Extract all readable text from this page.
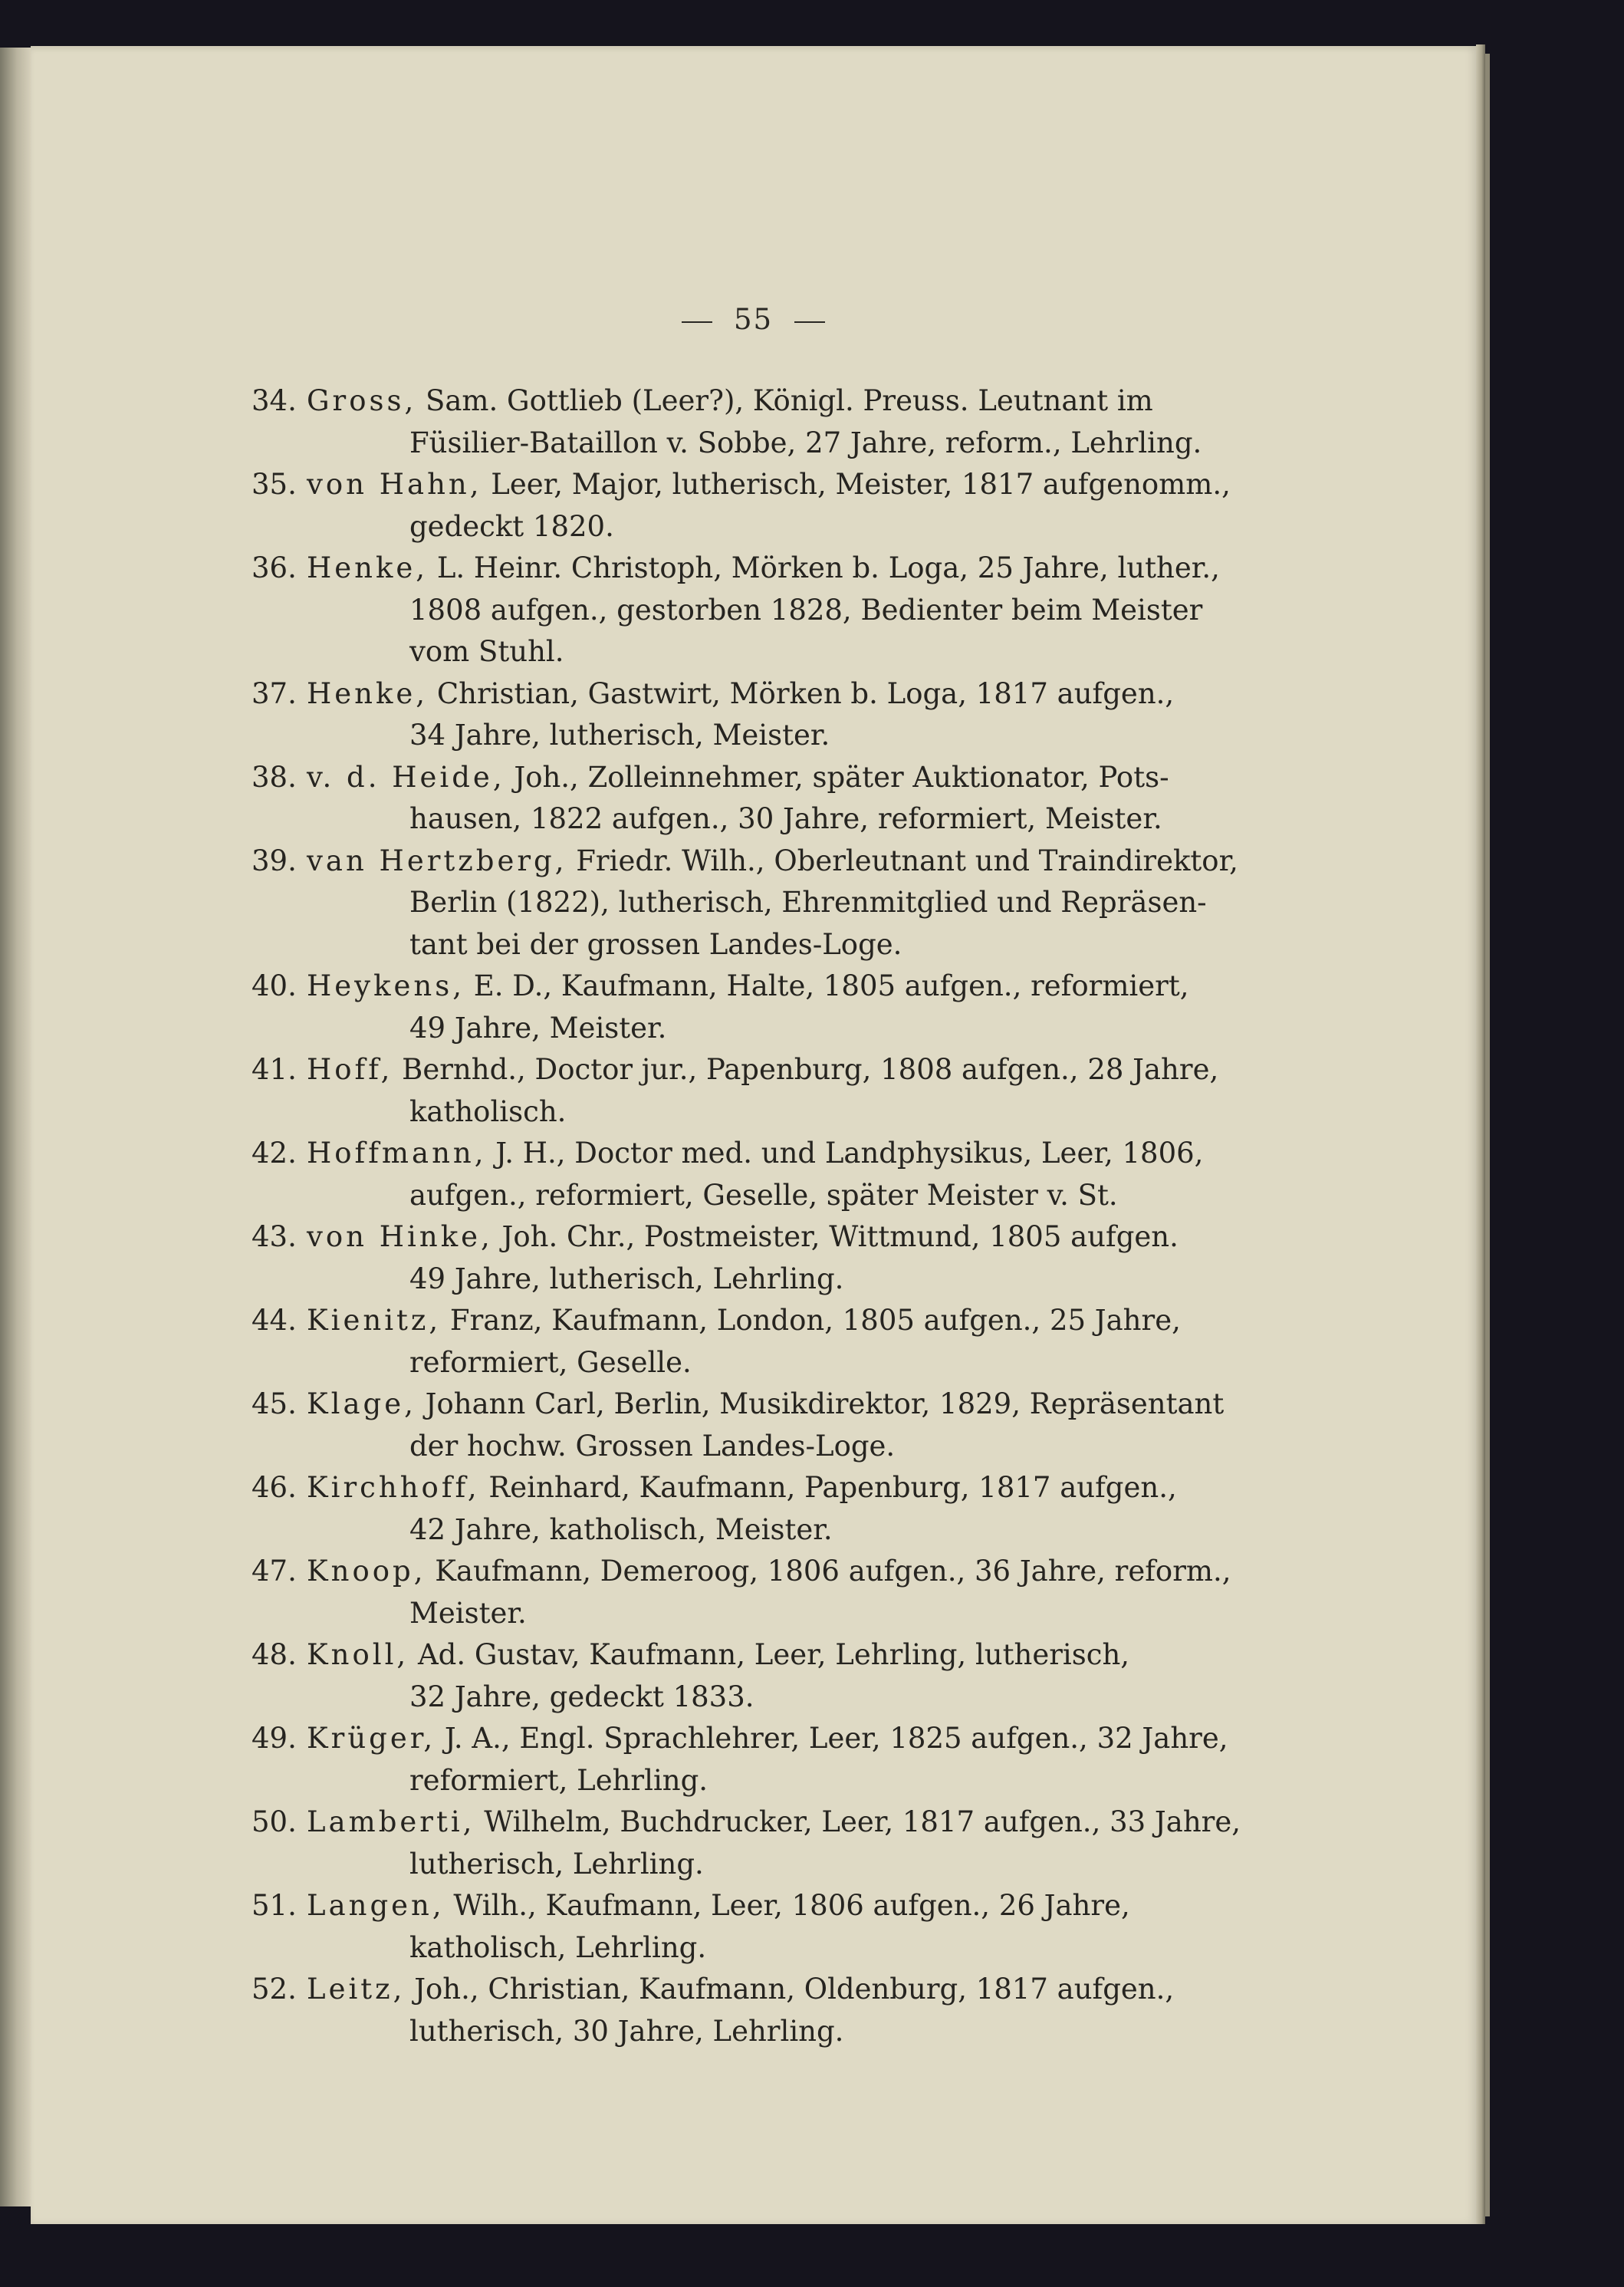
55
34. Gross, Sam. Gottlieb (Leer?), Königl. Preuss. Leutnant im
Füsilier-Bataillon v. Sobbe, 27 Jahre, reform., Lehrling.
35. von Hahn, Leer, Major, lutherisch, Meister, 1817 aufgenomm.,
gedeckt 1820.
36. Henke, L. Heinr. Christoph, Mörken b. Loga, 25 Jahre, luther.,
1808 aufgen., gestorben 1828, Bedienter beim Meister
vom Stuhl.
37. Henke, Christian, Gastwirt, Mörken b. Loga, 1817 aufgen.,
34 Jahre, lutherisch, Meister.
38. v. d. Heide, Joh., Zolleinnehmer, später Auktionator, Pots-
hausen, 1822 aufgen., 30 Jahre, reformiert, Meister.
39. van Hertzberg, Friedr. Wilh., Oberleutnant und Traindirektor,
Berlin (1822), lutherisch, Ehrenmitglied und Repräsen-
tant bei der grossen Landes-Loge.
40. Heykens, E. D., Kaufmann, Halte, 1805 aufgen., reformiert,
49 Jahre, Meister.
41. Hoff, Bernhd., Doctor jur., Papenburg, 1808 aufgen., 28 Jahre,
katholisch.
42. Hoffmann, J. H., Doctor med. und Landphysikus, Leer, 1806,
aufgen., reformiert, Geselle, später Meister v. St.
43. von Hinke, Joh. Chr., Postmeister, Wittmund, 1805 aufgen.
49 Jahre, lutherisch, Lehrling.
44. Kienitz, Franz, Kaufmann, London, 1805 aufgen., 25 Jahre,
reformiert, Geselle.
45. Klage, Johann Carl, Berlin, Musikdirektor, 1829, Repräsentant
der hochw. Grossen Landes-Loge.
46. Kirchhoff, Reinhard, Kaufmann, Papenburg, 1817 aufgen.,
42 Jahre, katholisch, Meister.
47. Knoop, Kaufmann, Demeroog, 1806 aufgen., 36 Jahre, reform.,
Meister.
48. Knoll, Ad. Gustav, Kaufmann, Leer, Lehrling, lutherisch,
32 Jahre, gedeckt 1833.
49. Krüger, J. A., Engl. Sprachlehrer, Leer, 1825 aufgen., 32 Jahre,
reformiert, Lehrling.
50. Lamberti, Wilhelm, Buchdrucker, Leer, 1817 aufgen., 33 Jahre,
lutherisch, Lehrling.
51. Langen, Wilh., Kaufmann, Leer, 1806 aufgen., 26 Jahre,
katholisch, Lehrling.
52. Leitz, Joh., Christian, Kaufmann, Oldenburg, 1817 aufgen.,
lutherisch, 30 Jahre, Lehrling.
